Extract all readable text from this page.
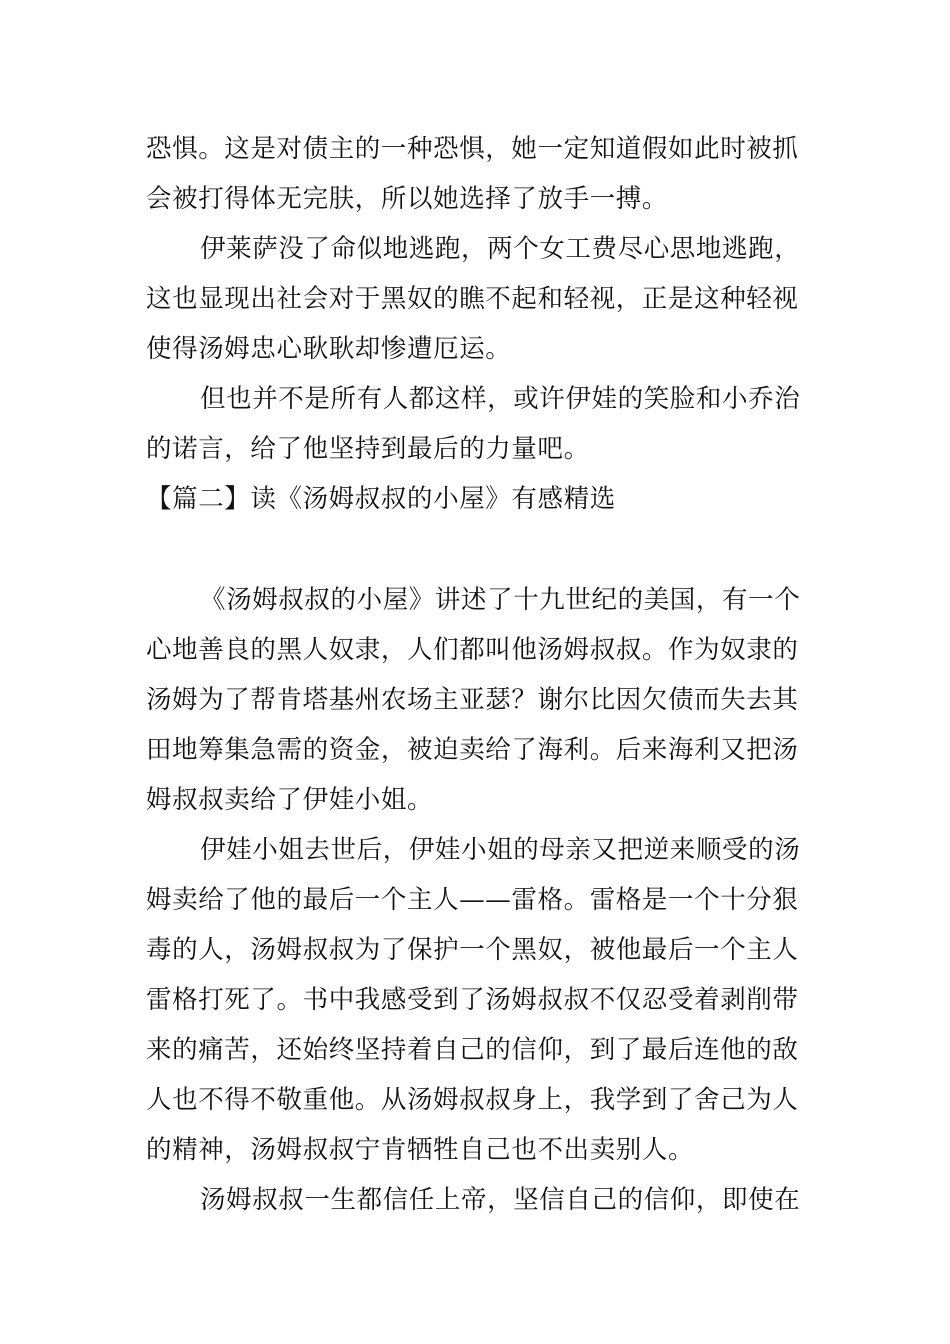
恐惧。这是对债主的一种恐惧，她一定知道假如此时被抓
会被打得体无完肤，所以她选择了放手一搏。
伊莱萨没了命似地逃跑，两个女工费尽心思地逃跑，
这也显现出社会对于黑奴的瞧不起和轻视，正是这种轻视
使得汤姆忠心耿耿却惨遭厄运。
但也并不是所有人都这样，或许伊娃的笑脸和小乔治
的诺言，给了他坚持到最后的力量吧。
【篇二】读《汤姆叔叔的小屋》有感精选
《汤姆叔叔的小屋》讲述了十九世纪的美国，有一个
心地善良的黑人奴隶，人们都叫他汤姆叔叔。作为奴隶的
汤姆为了帮肯塔基州农场主亚瑟？谢尔比因欠债而失去其
田地筹集急需的资金，被迫卖给了海利。后来海利又把汤
姆叔叔卖给了伊娃小姐。
伊娃小姐去世后，伊娃小姐的母亲又把逆来顺受的汤
姆卖给了他的最后一个主人——雷格。雷格是一个十分狠
毒的人，汤姆叔叔为了保护一个黑奴，被他最后一个主人
雷格打死了。书中我感受到了汤姆叔叔不仅忍受着剥削带
来的痛苦，还始终坚持着自己的信仰，到了最后连他的敌
人也不得不敬重他。从汤姆叔叔身上，我学到了舍己为人
的精神，汤姆叔叔宁肯牺牲自己也不出卖别人。
汤姆叔叔一生都信任上帝，坚信自己的信仰，即使在
